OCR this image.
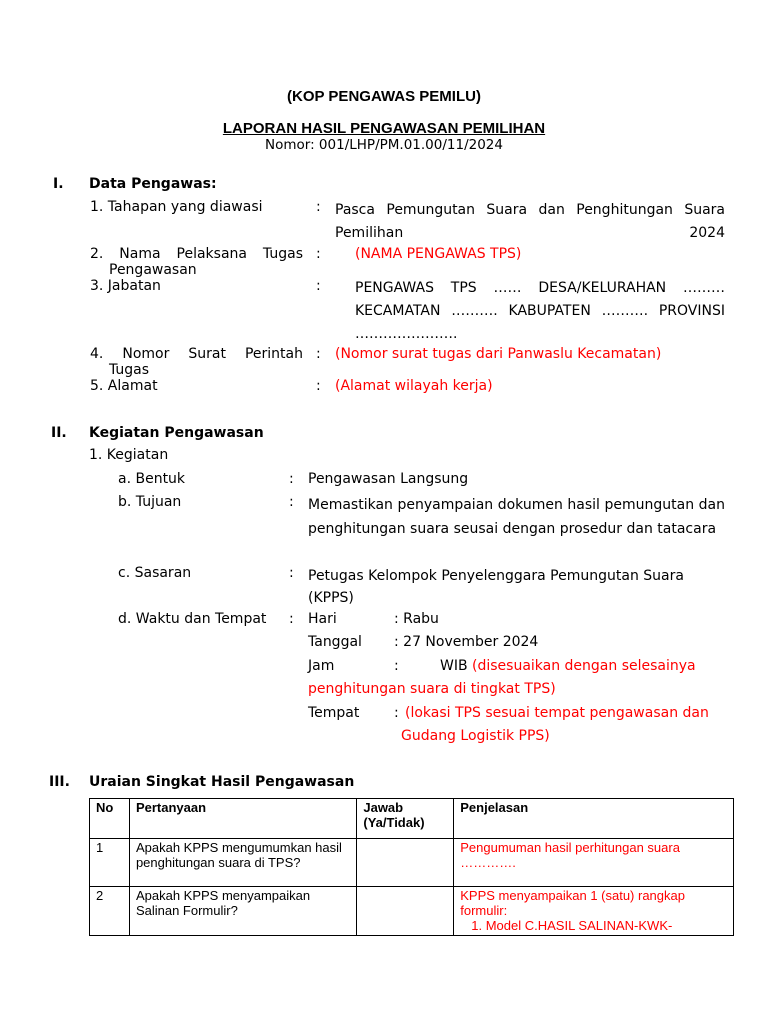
(KOP PENGAWAS PEMILU)
LAPORAN HASIL PENGAWASAN PEMILIHAN
Nomor: 001/LHP/PM.01.00/11/2024
I. Data Pengawas:
1. Tahapan yang diawasi	: Pasca Pemungutan Suara dan Penghitungan Suara Pemilihan 2024
2. Nama Pelaksana Tugas
Pengawasan
: (NAMA PENGAWAS TPS)
3. Jabatan	: PENGAWAS TPS …… DESA/KELURAHAN ……… KECAMATAN ………. KABUPATEN ………. PROVINSI ………………….
4. Nomor Surat Perintah
Tugas
: (Nomor surat tugas dari Panwaslu Kecamatan)
5. Alamat	: (Alamat wilayah kerja)
II. Kegiatan Pengawasan
1. Kegiatan
a. Bentuk	: Pengawasan Langsung
b. Tujuan	: Memastikan penyampaian dokumen hasil pemungutan dan penghitungan suara seusai dengan prosedur dan tatacara
c. Sasaran	: Petugas Kelompok Penyelenggara Pemungutan Suara (KPPS)
d. Waktu dan Tempat : Hari	: Rabu
Tanggal : 27 November 2024
Jam	:	WIB (disesuaikan dengan selesainya
penghitungan suara di tingkat TPS)
Tempat : (lokasi TPS sesuai tempat pengawasan dan
Gudang Logistik PPS)
III. Uraian Singkat Hasil Pengawasan
No	Pertanyaan	Jawab (Ya/Tidak)	Penjelasan
1	Apakah KPPS mengumumkan hasil penghitungan suara di TPS?		Pengumuman hasil perhitungan suara ………….
2	Apakah KPPS menyampaikan Salinan Formulir?		KPPS menyampaikan 1 (satu) rangkap formulir:
1. Model C.HASIL SALINAN-KWK-
